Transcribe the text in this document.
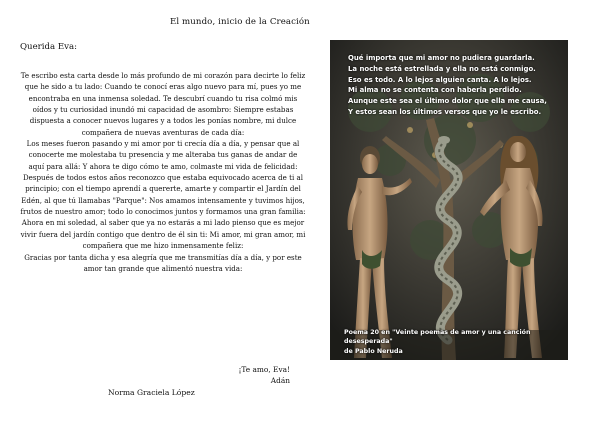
El mundo, inicio de la Creación
Querida Eva:

Te escribo esta carta desde lo más profundo de mi corazón para decirte lo feliz que he sido a tu lado: Cuando te conocí eras algo nuevo para mí, pues yo me encontraba en una inmensa soledad. Te descubrí cuando tu risa colmó mis oídos y tu curiosidad inundó mi capacidad de asombro: Siempre estabas dispuesta a conocer nuevos lugares y a todos les ponías nombre, mi dulce compañera de nuevas aventuras de cada día:

Los meses fueron pasando y mi amor por ti crecía día a día, y pensar que al conocerte me molestaba tu presencia y me alteraba tus ganas de andar de aquí para allá: Y ahora te digo cómo te amo, colmaste mi vida de felicidad:

Después de todos estos años reconozco que estaba equivocado acerca de ti al principio; con el tiempo aprendí a quererte, amarte y compartir el Jardín del Edén, al que tú llamabas "Parque": Nos amamos intensamente y tuvimos hijos, frutos de nuestro amor; todo lo conocimos juntos y formamos una gran familia:

Ahora en mi soledad, al saber que ya no estarás a mi lado pienso que es mejor vivir fuera del jardín contigo que dentro de él sin ti: Mi amor, mi gran amor, mi compañera que me hizo inmensamente feliz:

Gracias por tanta dicha y esa alegría que me transmitías día a día, y por este amor tan grande que alimentó nuestra vida:

¡Te amo, Eva!
Adán
Norma Graciela López
Qué importa que mi amor no pudiera guardarla.
La noche está estrellada y ella no está conmigo.
Eso es todo. A lo lejos alguien canta. A lo lejos.
Mi alma no se contenta con haberla perdido.
Aunque este sea el último dolor que ella me causa,
Y estos sean los últimos versos que yo le escribo.
Poema 20 en "Veinte poemas de amor y una canción desesperada"
de Pablo Neruda
